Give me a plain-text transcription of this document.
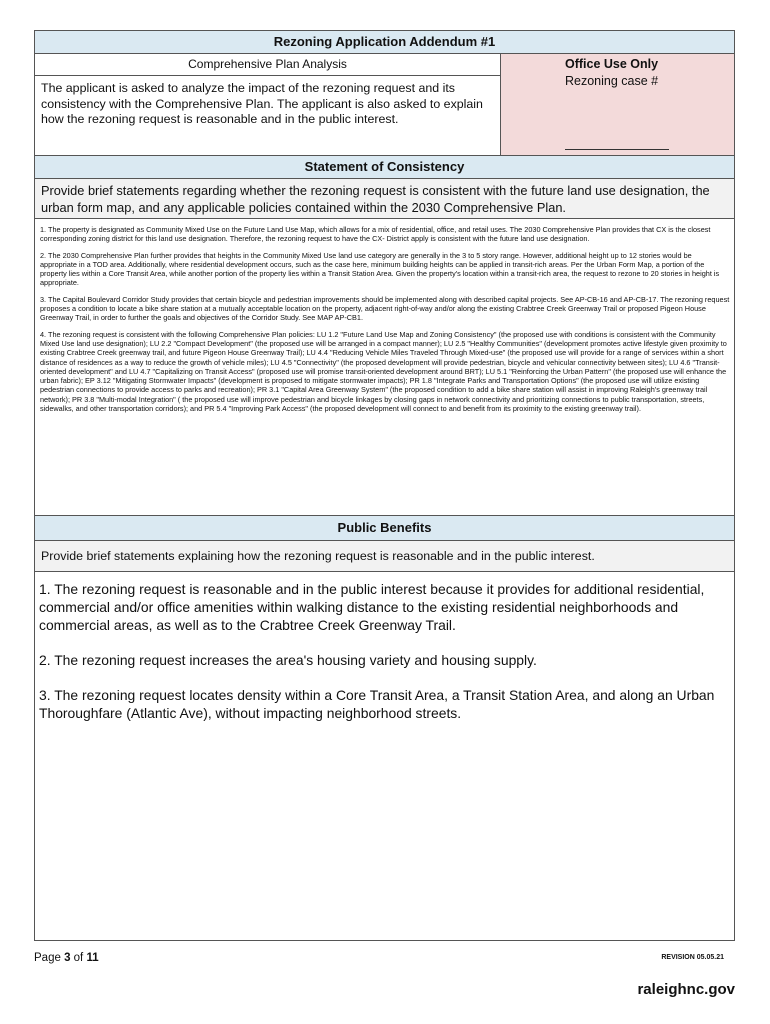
Rezoning Application Addendum #1
Comprehensive Plan Analysis
The applicant is asked to analyze the impact of the rezoning request and its consistency with the Comprehensive Plan. The applicant is also asked to explain how the rezoning request is reasonable and in the public interest.
Office Use Only
Rezoning case #
Statement of Consistency
Provide brief statements regarding whether the rezoning request is consistent with the future land use designation, the urban form map, and any applicable policies contained within the 2030 Comprehensive Plan.

1. The property is designated as Community Mixed Use on the Future Land Use Map, which allows for a mix of residential, office, and retail uses. The 2030 Comprehensive Plan provides that CX is the closest corresponding zoning district for this land use designation. Therefore, the rezoning request to have the CX- District apply is consistent with the future land use designation.

2. The 2030 Comprehensive Plan further provides that heights in the Community Mixed Use land use category are generally in the 3 to 5 story range. However, additional height up to 12 stories would be appropriate in a TOD area. Additionally, where residential development occurs, such as the case here, minimum building heights can be applied in transit-rich areas. Per the Urban Form Map, a portion of the property lies within a Core Transit Area, while another portion of the property lies within a Transit Station Area. Given the property's location within a transit-rich area, the request to rezone to 20 stories in height is appropriate.

3. The Capital Boulevard Corridor Study provides that certain bicycle and pedestrian improvements should be implemented along with described capital projects. See AP-CB-16 and AP-CB-17. The rezoning request proposes a condition to locate a bike share station at a mutually acceptable location on the property, adjacent right-of-way and/or along the existing Crabtree Creek Greenway Trail or proposed Pigeon House Greenway Trail, in order to further the goals and objectives of the Corridor Study. See MAP AP-CB1.

4. The rezoning request is consistent with the following Comprehensive Plan policies: LU 1.2 "Future Land Use Map and Zoning Consistency" (the proposed use with conditions is consistent with the Community Mixed Use land use designation); LU 2.2 "Compact Development" (the proposed use will be arranged in a compact manner); LU 2.5 "Healthy Communities" (development promotes active lifestyle given proximity to existing Crabtree Creek greenway trail, and future Pigeon House Greenway Trail); LU 4.4 "Reducing Vehicle Miles Traveled Through Mixed-use" (the proposed use will provide for a range of services within a short distance of residences as a way to reduce the growth of vehicle miles); LU 4.5 "Connectivity" (the proposed development will provide pedestrian, bicycle and vehicular connectivity between sites); LU 4.6 "Transit-oriented development" and LU 4.7 "Capitalizing on Transit Access" (proposed use will promise transit-oriented development around BRT); LU 5.1 "Reinforcing the Urban Pattern" (the proposed use will enhance the urban fabric); EP 3.12 "Mitigating Stormwater Impacts" (development is proposed to mitigate stormwater impacts); PR 1.8 "Integrate Parks and Transportation Options" (the proposed use will utilize existing pedestrian connections to provide access to parks and recreation); PR 3.1 "Capital Area Greenway System" (the proposed condition to add a bike share station will assist in improving Raleigh's greenway trail network); PR 3.8 "Multi-modal Integration" ( the proposed use will improve pedestrian and bicycle linkages by closing gaps in network connectivity and prioritizing connections to public transportation, streets, sidewalks, and other transportation corridors); and PR 5.4 "Improving Park Access" (the proposed development will connect to and benefit from its proximity to the existing greenway trail).

Public Benefits
Provide brief statements explaining how the rezoning request is reasonable and in the public interest.

1. The rezoning request is reasonable and in the public interest because it provides for additional residential, commercial and/or office amenities within walking distance to the existing residential neighborhoods and commercial areas, as well as to the Crabtree Creek Greenway Trail.

2. The rezoning request increases the area's housing variety and housing supply.

3. The rezoning request locates density within a Core Transit Area, a Transit Station Area, and along an Urban Thoroughfare (Atlantic Ave), without impacting neighborhood streets.

Page 3 of 11	REVISION 05.05.21
raleighnc.gov
